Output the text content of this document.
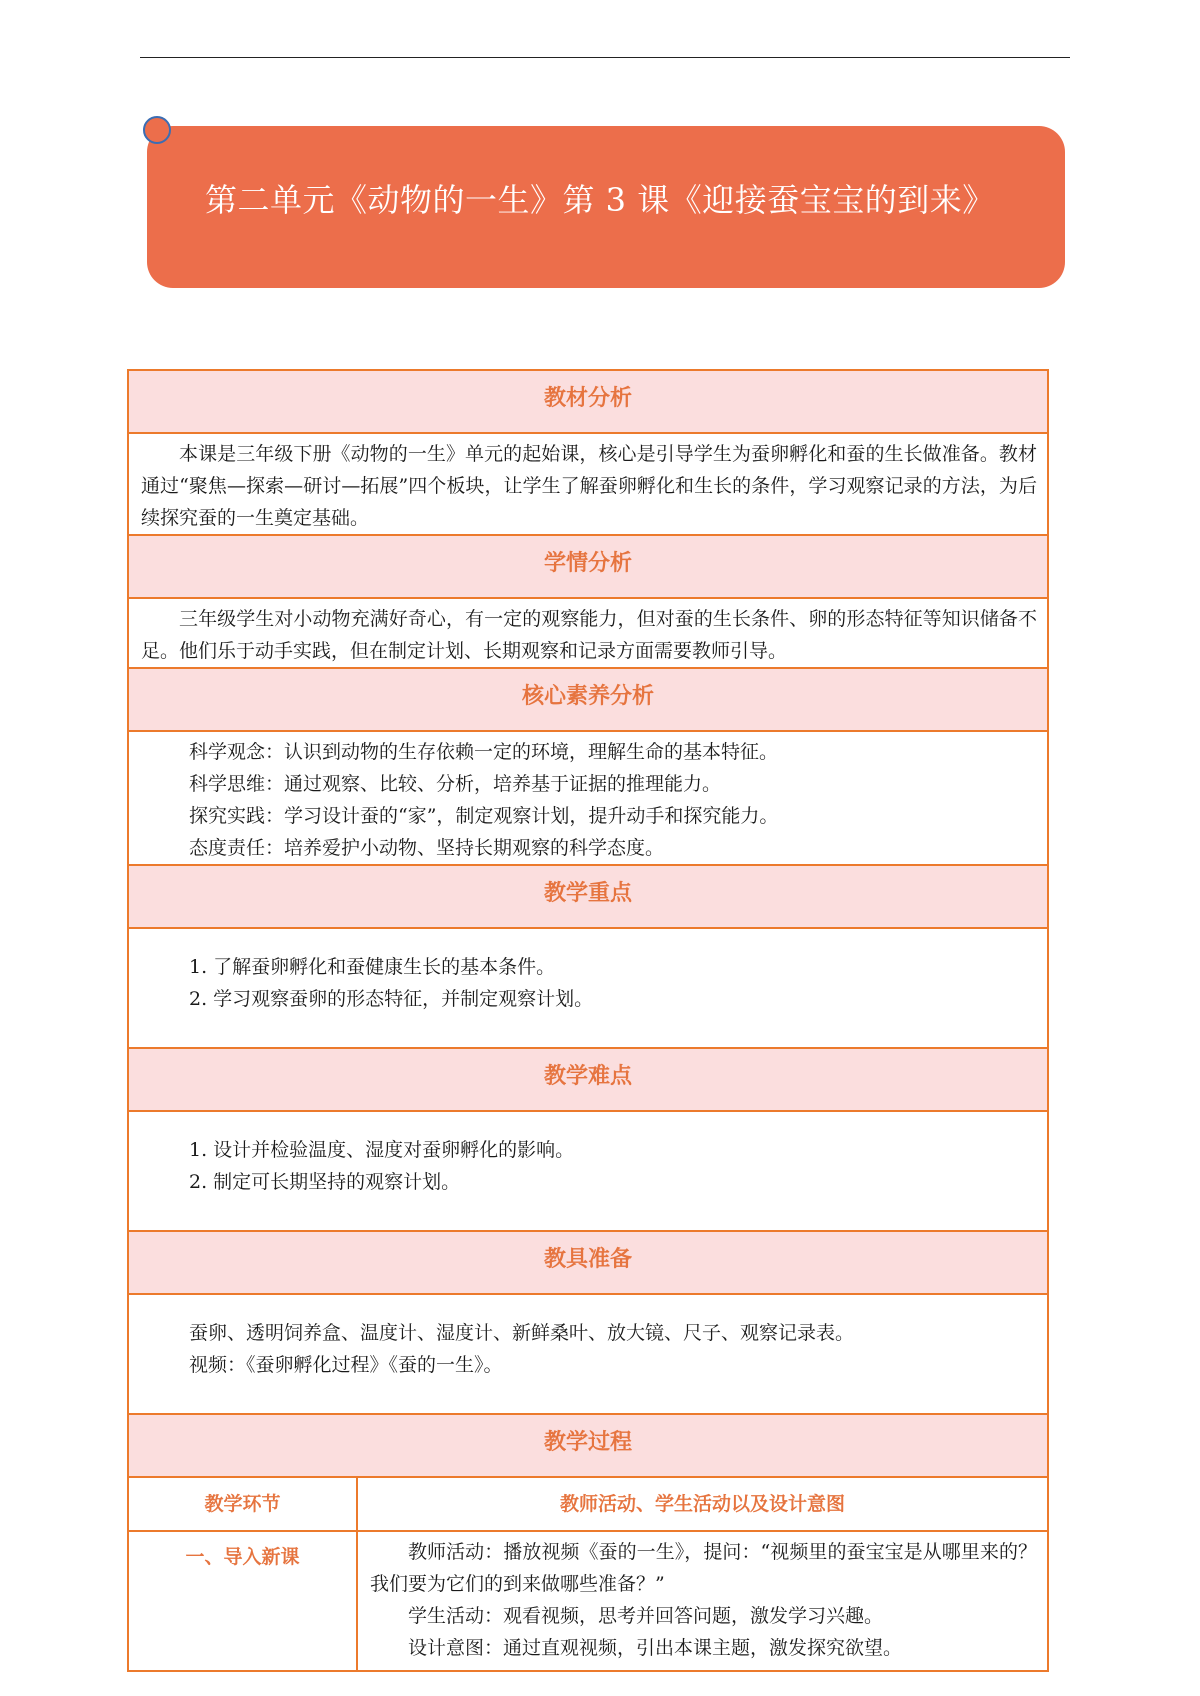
第二单元《动物的一生》第 3 课《迎接蚕宝宝的到来》
教材分析	

本课是三年级下册《动物的一生》单元的起始课，核心是引导学生为蚕卵孵化和蚕的生长做准备。教材通过“聚焦—探索—研讨—拓展”四个板块，让学生了解蚕卵孵化和生长的条件，学习观察记录的方法，为后续探究蚕的一生奠定基础。	

学情分析	

三年级学生对小动物充满好奇心，有一定的观察能力，但对蚕的生长条件、卵的形态特征等知识储备不足。他们乐于动手实践，但在制定计划、长期观察和记录方面需要教师引导。	

核心素养分析	

科学观念：认识到动物的生存依赖一定的环境，理解生命的基本特征。

科学思维：通过观察、比较、分析，培养基于证据的推理能力。

探究实践：学习设计蚕的“家”，制定观察计划，提升动手和探究能力。

态度责任：培养爱护小动物、坚持长期观察的科学态度。	

教学重点	

1. 了解蚕卵孵化和蚕健康生长的基本条件。

2. 学习观察蚕卵的形态特征，并制定观察计划。	

教学难点	

1. 设计并检验温度、湿度对蚕卵孵化的影响。

2. 制定可长期坚持的观察计划。	

教具准备	

蚕卵、透明饲养盒、温度计、湿度计、新鲜桑叶、放大镜、尺子、观察记录表。

视频：《蚕卵孵化过程》《蚕的一生》。	

教学过程	
教学环节	教师活动、学生活动以及设计意图
一、导入新课	教师活动：播放视频《蚕的一生》，提问：“视频里的蚕宝宝是从哪里来的？我们要为它们的到来做哪些准备？”

学生活动：观看视频，思考并回答问题，激发学习兴趣。

设计意图：通过直观视频，引出本课主题，激发探究欲望。
